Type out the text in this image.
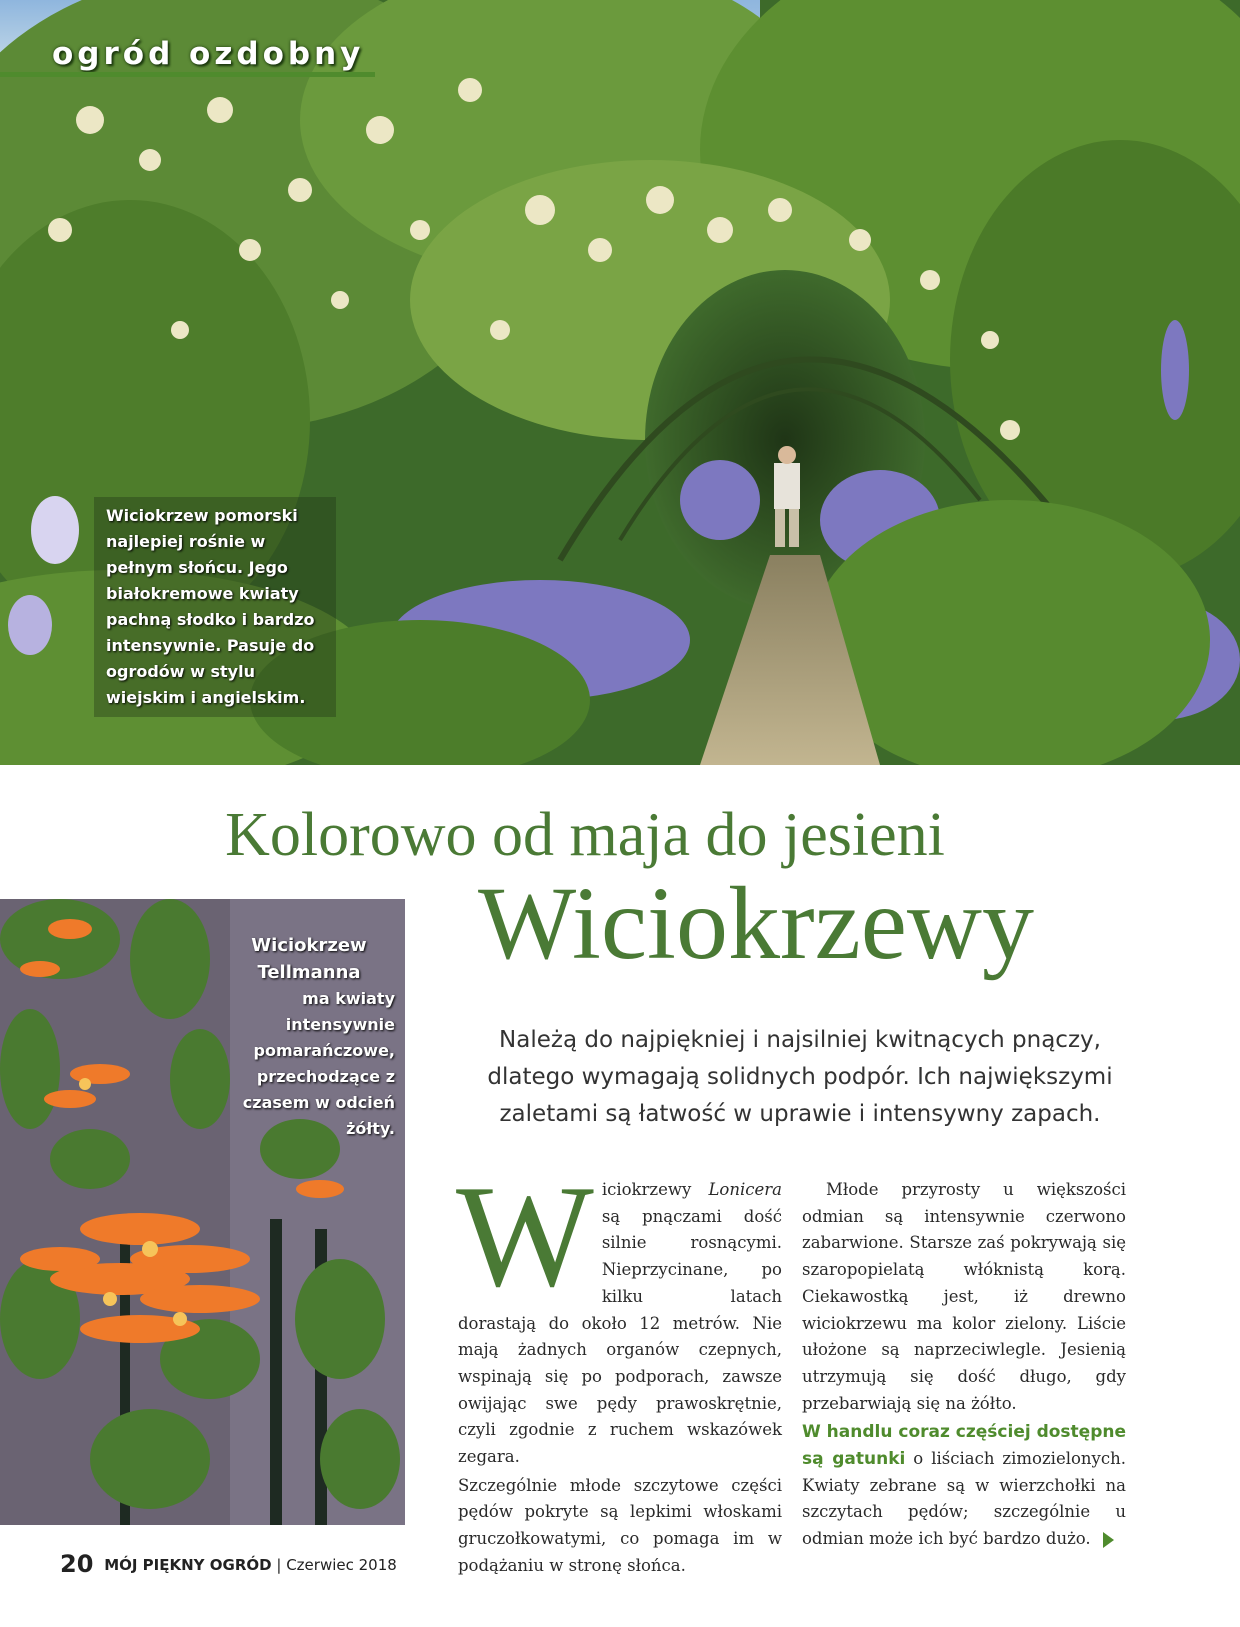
ogród ozdobny
Wiciokrzew pomorski najlepiej rośnie w pełnym słońcu. Jego białokremowe kwiaty pachną słodko i bardzo intensywnie. Pasuje do ogrodów w stylu wiejskim i angielskim.
Kolorowo od maja do jesieni
Wiciokrzewy
Należą do najpiękniej i najsilniej kwitnących pnączy, dlatego wymagają solidnych podpór. Ich największymi zaletami są łatwość w uprawie i intensywny zapach.
Wiciokrzew Tellmanna
ma kwiaty intensywnie pomarańczowe, przechodzące z czasem w odcień żółty.
W iciokrzewy Lonicera są pnączami dość silnie rosnącymi. Nieprzycinane, po kilku latach dorastają do około 12 metrów. Nie mają żadnych organów czepnych, wspinają się po podporach, zawsze owijając swe pędy prawoskrętnie, czyli zgodnie z ruchem wskazówek zegara.

Szczególnie młode szczytowe części pędów pokryte są lepkimi włoskami gruczołkowatymi, co pomaga im w podążaniu w stronę słońca.

Młode przyrosty u większości odmian są intensywnie czerwono zabarwione. Starsze zaś pokrywają się szaropopielatą włóknistą korą. Ciekawostką jest, iż drewno wiciokrzewu ma kolor zielony. Liście ułożone są naprzeciwlegle. Jesienią utrzymują się dość długo, gdy przebarwiają się na żółto.

W handlu coraz częściej dostępne są gatunki o liściach zimozielonych. Kwiaty zebrane są w wierzchołki na szczytach pędów; szczególnie u odmian może ich być bardzo dużo.

20 MÓJ PIĘKNY OGRÓD | Czerwiec 2018
